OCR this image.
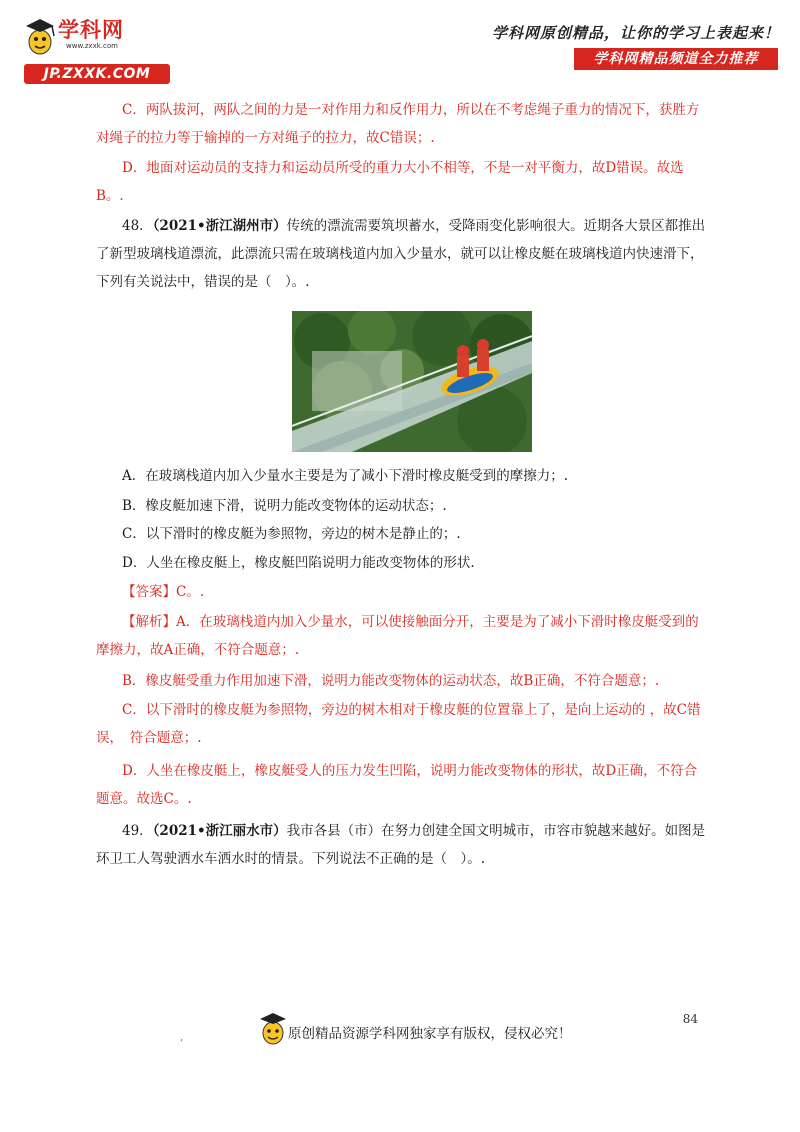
学科网
www.zxxk.com
JP.ZXXK.COM
学科网原创精品，让你的学习上表起来！
学科网精品频道全力推荐

C．两队拔河，两队之间的力是一对作用力和反作用力，所以在不考虑绳子重力的情况下，获胜方对绳子的拉力等于输掉的一方对绳子的拉力，故C错误；.

D．地面对运动员的支持力和运动员所受的重力大小不相等，不是一对平衡力，故D错误。故选B。.

48．（2021•浙江湖州市）传统的漂流需要筑坝蓄水，受降雨变化影响很大。近期各大景区都推出了新型玻璃栈道漂流，此漂流只需在玻璃栈道内加入少量水，就可以让橡皮艇在玻璃栈道内快速滑下，下列有关说法中，错误的是（　）。.

A．在玻璃栈道内加入少量水主要是为了减小下滑时橡皮艇受到的摩擦力；.

B．橡皮艇加速下滑，说明力能改变物体的运动状态；.

C．以下滑时的橡皮艇为参照物，旁边的树木是静止的；.

D．人坐在橡皮艇上，橡皮艇凹陷说明力能改变物体的形状.

【答案】C。.

【解析】A．在玻璃栈道内加入少量水，可以使接触面分开，主要是为了减小下滑时橡皮艇受到的摩擦力，故A正确，不符合题意；.

B．橡皮艇受重力作用加速下滑，说明力能改变物体的运动状态，故B正确，不符合题意；.

C．以下滑时的橡皮艇为参照物，旁边的树木相对于橡皮艇的位置靠上了，是向上运动的 ，故C错误，　符合题意；.

D．人坐在橡皮艇上，橡皮艇受人的压力发生凹陷，说明力能改变物体的形状，故D正确，不符合题意。故选C。.

49．（2021•浙江丽水市）我市各县（市）在努力创建全国文明城市，市容市貌越来越好。如图是环卫工人驾驶洒水车洒水时的情景。下列说法不正确的是（　）。.

84
,	原创精品资源学科网独家享有版权，侵权必究！
